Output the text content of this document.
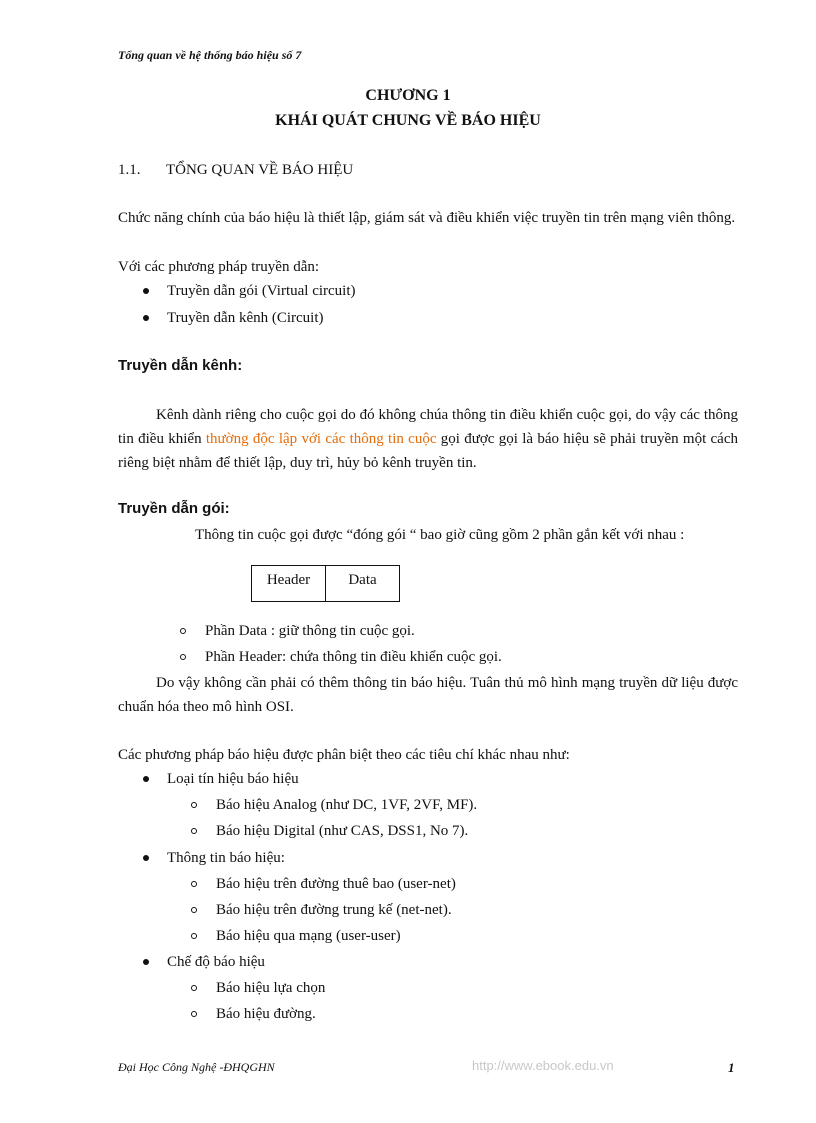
Tổng quan về hệ thống báo hiệu số 7
CHƯƠNG 1
KHÁI QUÁT CHUNG VỀ BÁO HIỆU
1.1. TỔNG QUAN VỀ BÁO HIỆU
Chức năng chính của báo hiệu là thiết lập, giám sát và điều khiển việc truyền tin trên mạng viên thông.
Với các phương pháp truyền dẫn:
Truyền dẫn gói (Virtual circuit)
Truyền dẫn kênh (Circuit)
Truyền dẫn kênh:
Kênh dành riêng cho cuộc gọi do đó không chúa thông tin điều khiển cuộc gọi, do vậy các thông tin điều khiển thường độc lập với các thông tin cuộc gọi được gọi là báo hiệu sẽ phải truyền một cách riêng biệt nhằm để thiết lập, duy trì, hủy bỏ kênh truyền tin.
Truyền dẫn gói:
Thông tin cuộc gọi được “đóng gói “ bao giờ cũng gồm 2 phần gắn kết với nhau :
Header	Data
Phần Data : giữ thông tin cuộc gọi.
Phần Header: chứa thông tin điều khiển cuộc gọi.
Do vậy không cần phải có thêm thông tin báo hiệu. Tuân thủ mô hình mạng truyền dữ liệu được chuẩn hóa theo mô hình OSI.
Các phương pháp báo hiệu được phân biệt theo các tiêu chí khác nhau như:
Loại tín hiệu báo hiệu
Báo hiệu Analog (như DC, 1VF, 2VF, MF).
Báo hiệu Digital (như CAS, DSS1, No 7).
Thông tin báo hiệu:
Báo hiệu trên đường thuê bao (user-net)
Báo hiệu trên đường trung kế (net-net).
Báo hiệu qua mạng (user-user)
Chế độ báo hiệu
Báo hiệu lựa chọn
Báo hiệu đường.
Đại Học Công Nghệ -ĐHQGHN	http://www.ebook.edu.vn	1
